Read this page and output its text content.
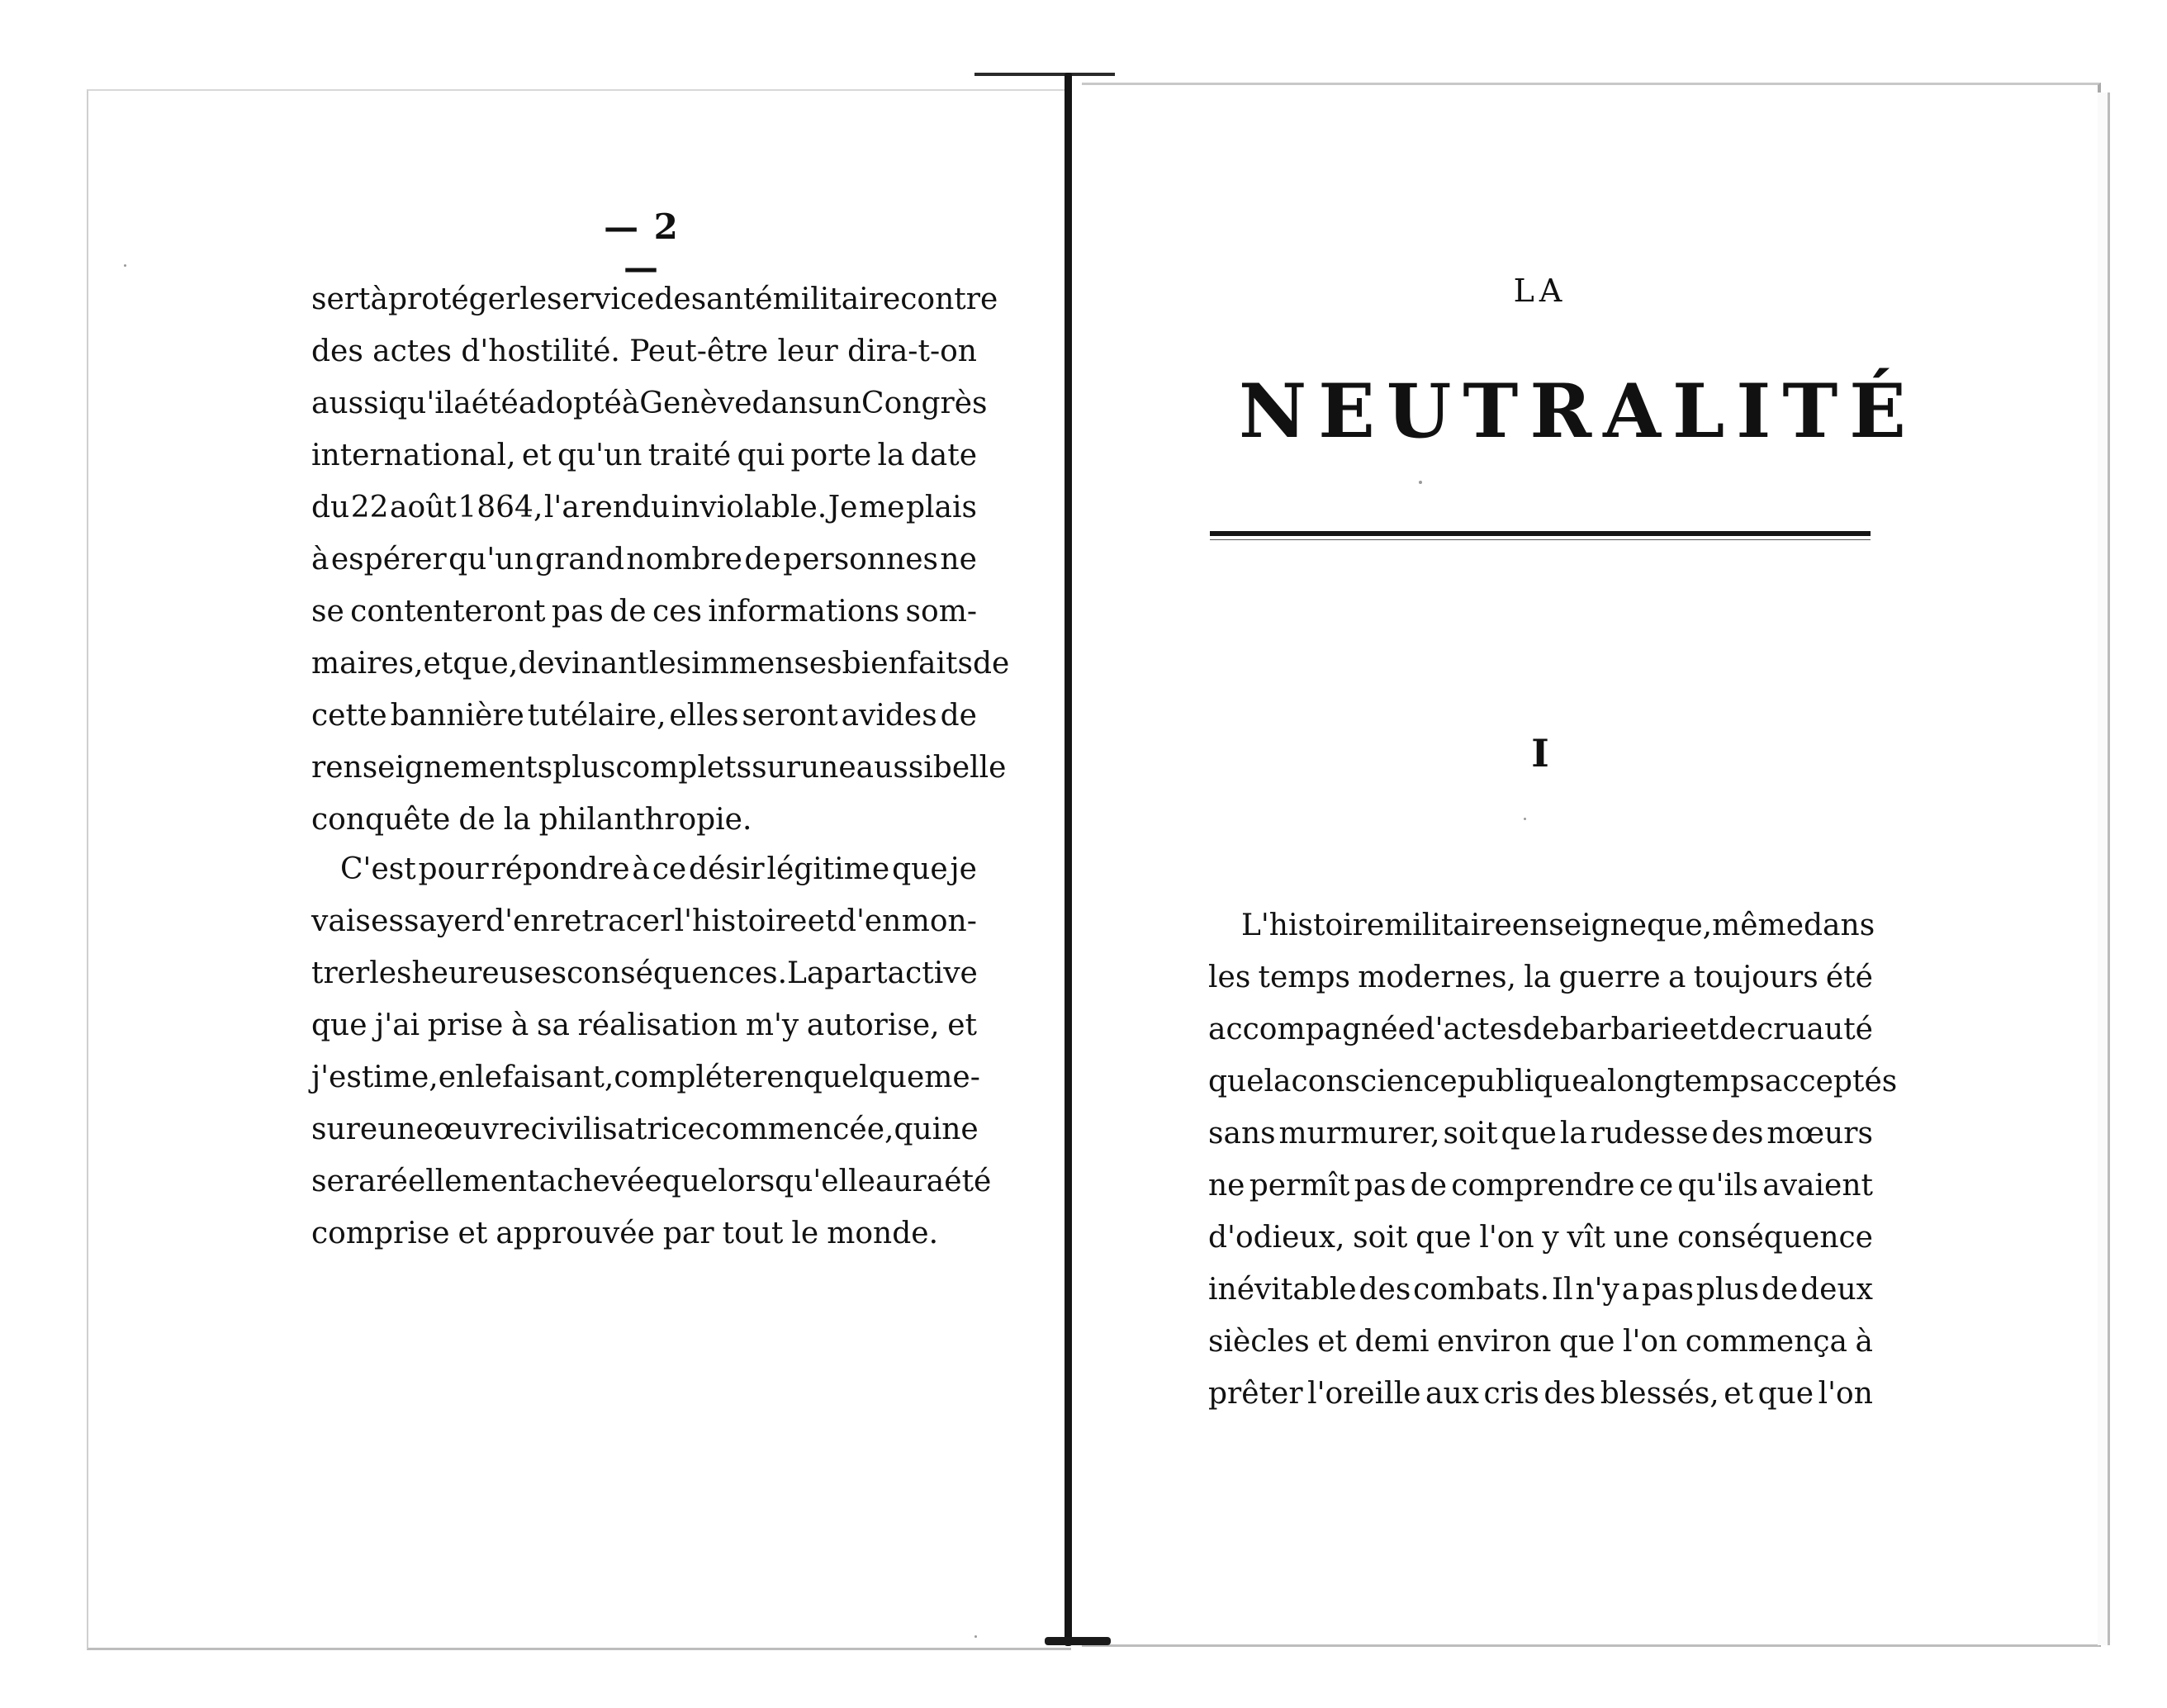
— 2 —
sert à protéger le service de santé militaire contre
des actes d'hostilité. Peut-être leur dira-t-on
aussi qu'il a été adopté à Genève dans un Congrès
international, et qu'un traité qui porte la date
du 22 août 1864, l'a rendu inviolable. Je me plais
à espérer qu'un grand nombre de personnes ne
se contenteront pas de ces informations som-
maires, et que, devinant les immenses bienfaits de
cette bannière tutélaire, elles seront avides de
renseignements plus complets sur une aussi belle
conquête de la philanthropie.
C'est pour répondre à ce désir légitime que je
vais essayer d'en retracer l'histoire et d'en mon-
trer les heureuses conséquences. La part active
que j'ai prise à sa réalisation m'y autorise, et
j'estime, en le faisant, compléter en quelque me-
sure une œuvre civilisatrice commencée, qui ne
sera réellement achevée que lorsqu'elle aura été
comprise et approuvée par tout le monde.
LA
NEUTRALITÉ
I
L'histoire militaire enseigne que, même dans
les temps modernes, la guerre a toujours été
accompagnée d'actes de barbarie et de cruauté
que la conscience publique a longtemps acceptés
sans murmurer, soit que la rudesse des mœurs
ne permît pas de comprendre ce qu'ils avaient
d'odieux, soit que l'on y vît une conséquence
inévitable des combats. Il n'y a pas plus de deux
siècles et demi environ que l'on commença à
prêter l'oreille aux cris des blessés, et que l'on
